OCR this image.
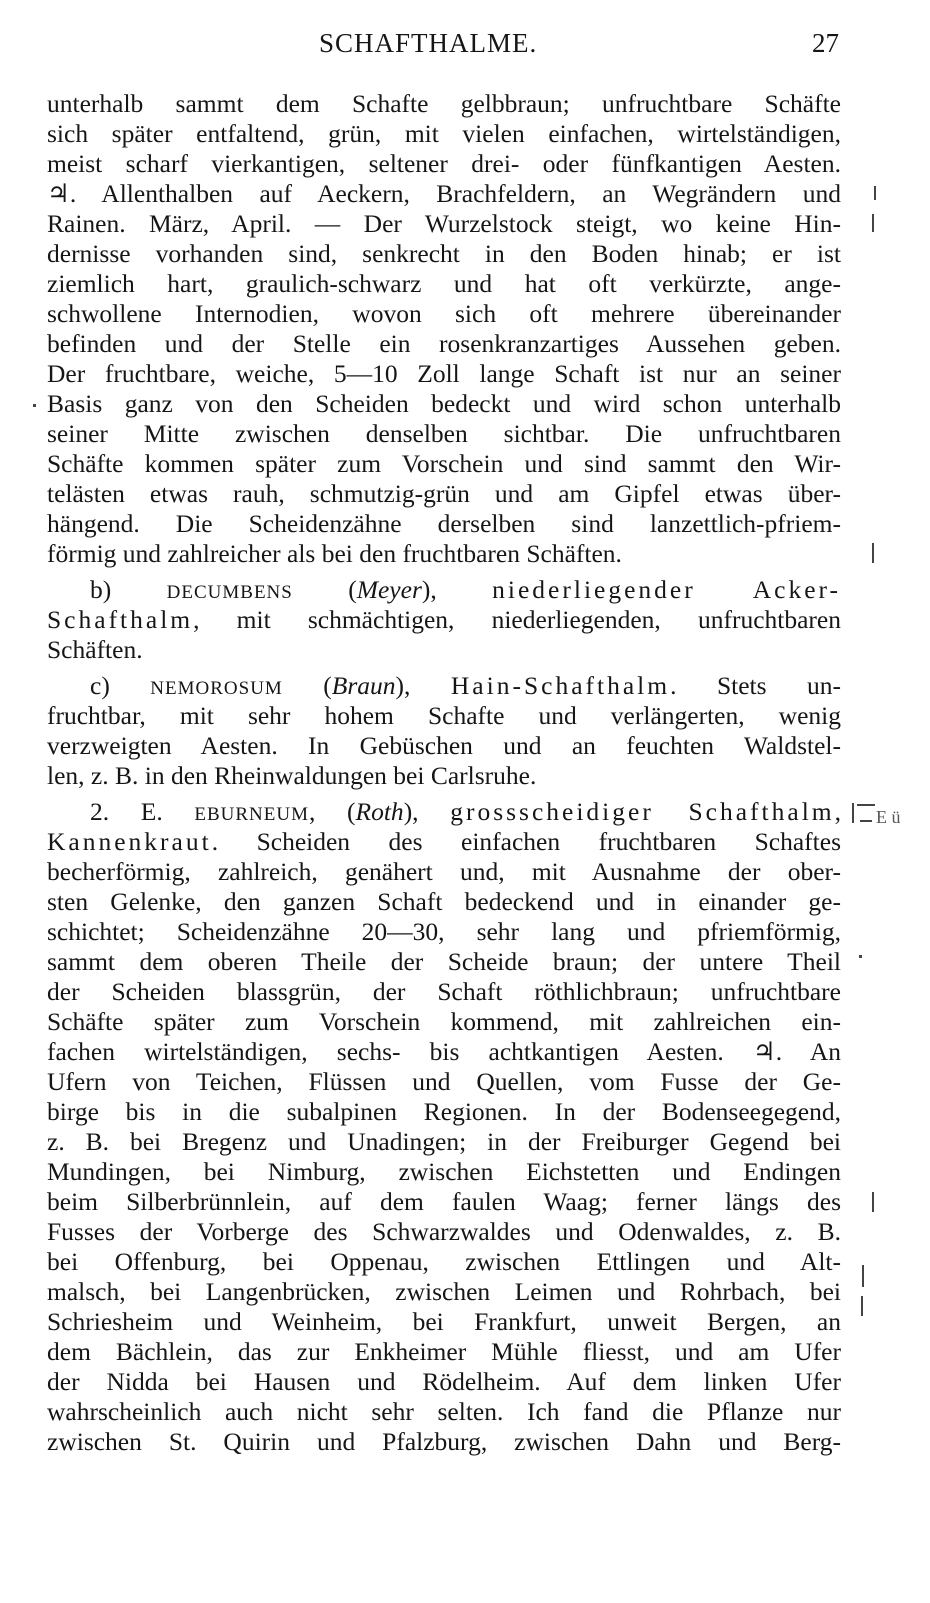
SCHAFTHALME.	27
unterhalb sammt dem Schafte gelbbraun; unfruchtbare Schäfte
sich später entfaltend, grün, mit vielen einfachen, wirtelständigen,
meist scharf vierkantigen, seltener drei- oder fünfkantigen Aesten.
♃. Allenthalben auf Aeckern, Brachfeldern, an Wegrändern und
Rainen. März, April. — Der Wurzelstock steigt, wo keine Hin-
dernisse vorhanden sind, senkrecht in den Boden hinab; er ist
ziemlich hart, graulich-schwarz und hat oft verkürzte, ange-
schwollene Internodien, wovon sich oft mehrere übereinander
befinden und der Stelle ein rosenkranzartiges Aussehen geben.
Der fruchtbare, weiche, 5—10 Zoll lange Schaft ist nur an seiner
Basis ganz von den Scheiden bedeckt und wird schon unterhalb
seiner Mitte zwischen denselben sichtbar. Die unfruchtbaren
Schäfte kommen später zum Vorschein und sind sammt den Wir-
telästen etwas rauh, schmutzig-grün und am Gipfel etwas über-
hängend. Die Scheidenzähne derselben sind lanzettlich-pfriem-
förmig und zahlreicher als bei den fruchtbaren Schäften.
b) DECUMBENS (Meyer), niederliegender Acker-
Schafthalm, mit schmächtigen, niederliegenden, unfruchtbaren
Schäften.
c) NEMOROSUM (Braun), Hain-Schafthalm. Stets un-
fruchtbar, mit sehr hohem Schafte und verlängerten, wenig
verzweigten Aesten. In Gebüschen und an feuchten Waldstel-
len, z. B. in den Rheinwaldungen bei Carlsruhe.
2. E. EBURNEUM, (Roth), grossscheidiger Schafthalm,
Kannenkraut. Scheiden des einfachen fruchtbaren Schaftes
becherförmig, zahlreich, genähert und, mit Ausnahme der ober-
sten Gelenke, den ganzen Schaft bedeckend und in einander ge-
schichtet; Scheidenzähne 20—30, sehr lang und pfriemförmig,
sammt dem oberen Theile der Scheide braun; der untere Theil
der Scheiden blassgrün, der Schaft röthlichbraun; unfruchtbare
Schäfte später zum Vorschein kommend, mit zahlreichen ein-
fachen wirtelständigen, sechs- bis achtkantigen Aesten. ♃. An
Ufern von Teichen, Flüssen und Quellen, vom Fusse der Ge-
birge bis in die subalpinen Regionen. In der Bodenseegegend,
z. B. bei Bregenz und Unadingen; in der Freiburger Gegend bei
Mundingen, bei Nimburg, zwischen Eichstetten und Endingen
beim Silberbrünnlein, auf dem faulen Waag; ferner längs des
Fusses der Vorberge des Schwarzwaldes und Odenwaldes, z. B.
bei Offenburg, bei Oppenau, zwischen Ettlingen und Alt-
malsch, bei Langenbrücken, zwischen Leimen und Rohrbach, bei
Schriesheim und Weinheim, bei Frankfurt, unweit Bergen, an
dem Bächlein, das zur Enkheimer Mühle fliesst, und am Ufer
der Nidda bei Hausen und Rödelheim. Auf dem linken Ufer
wahrscheinlich auch nicht sehr selten. Ich fand die Pflanze nur
zwischen St. Quirin und Pfalzburg, zwischen Dahn und Berg-
E ü
